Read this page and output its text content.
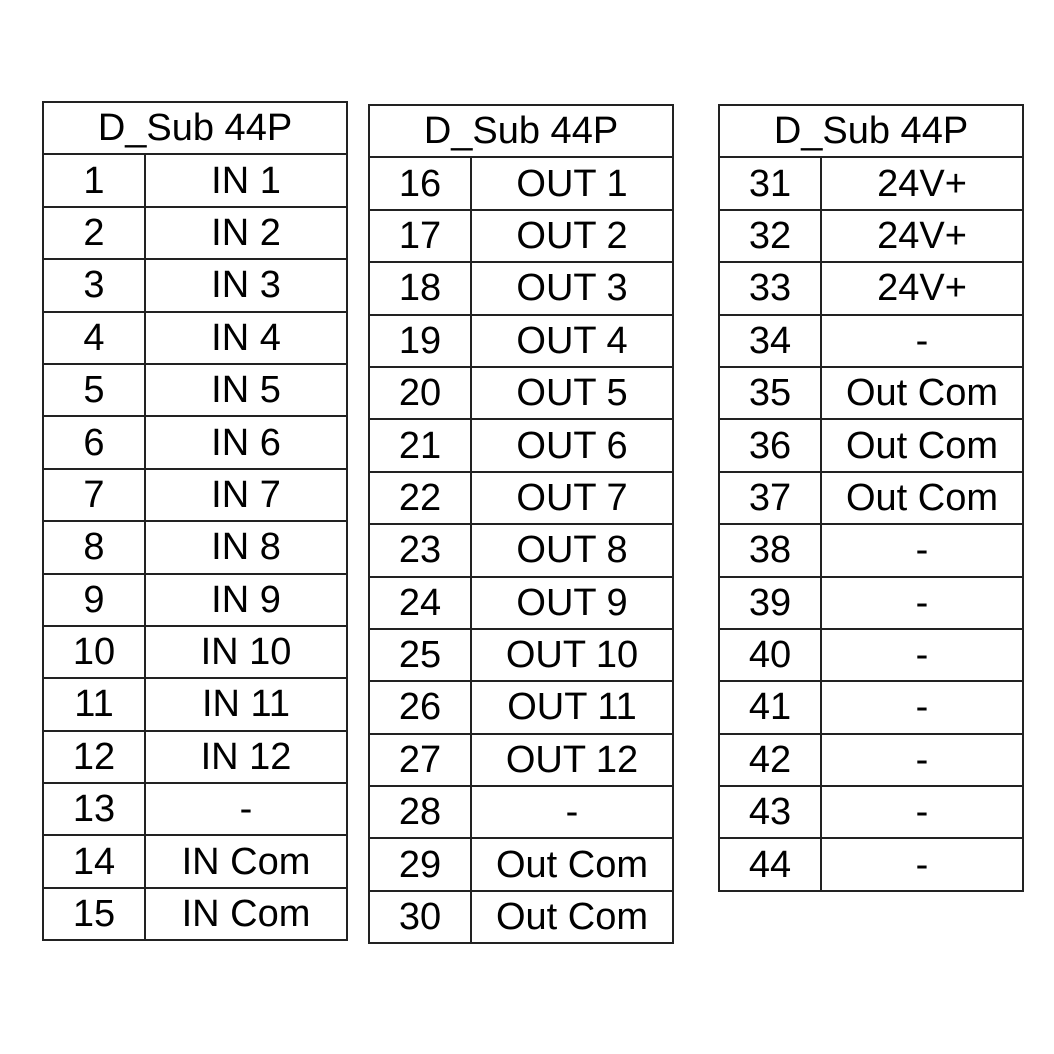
D_Sub 44P	
1	IN 1
2	IN 2
3	IN 3
4	IN 4
5	IN 5
6	IN 6
7	IN 7
8	IN 8
9	IN 9
10	IN 10
11	IN 11
12	IN 12
13	-
14	IN Com
15	IN Com
D_Sub 44P	
16	OUT 1
17	OUT 2
18	OUT 3
19	OUT 4
20	OUT 5
21	OUT 6
22	OUT 7
23	OUT 8
24	OUT 9
25	OUT 10
26	OUT 11
27	OUT 12
28	-
29	Out Com
30	Out Com
D_Sub 44P	
31	24V+
32	24V+
33	24V+
34	-
35	Out Com
36	Out Com
37	Out Com
38	-
39	-
40	-
41	-
42	-
43	-
44	-
